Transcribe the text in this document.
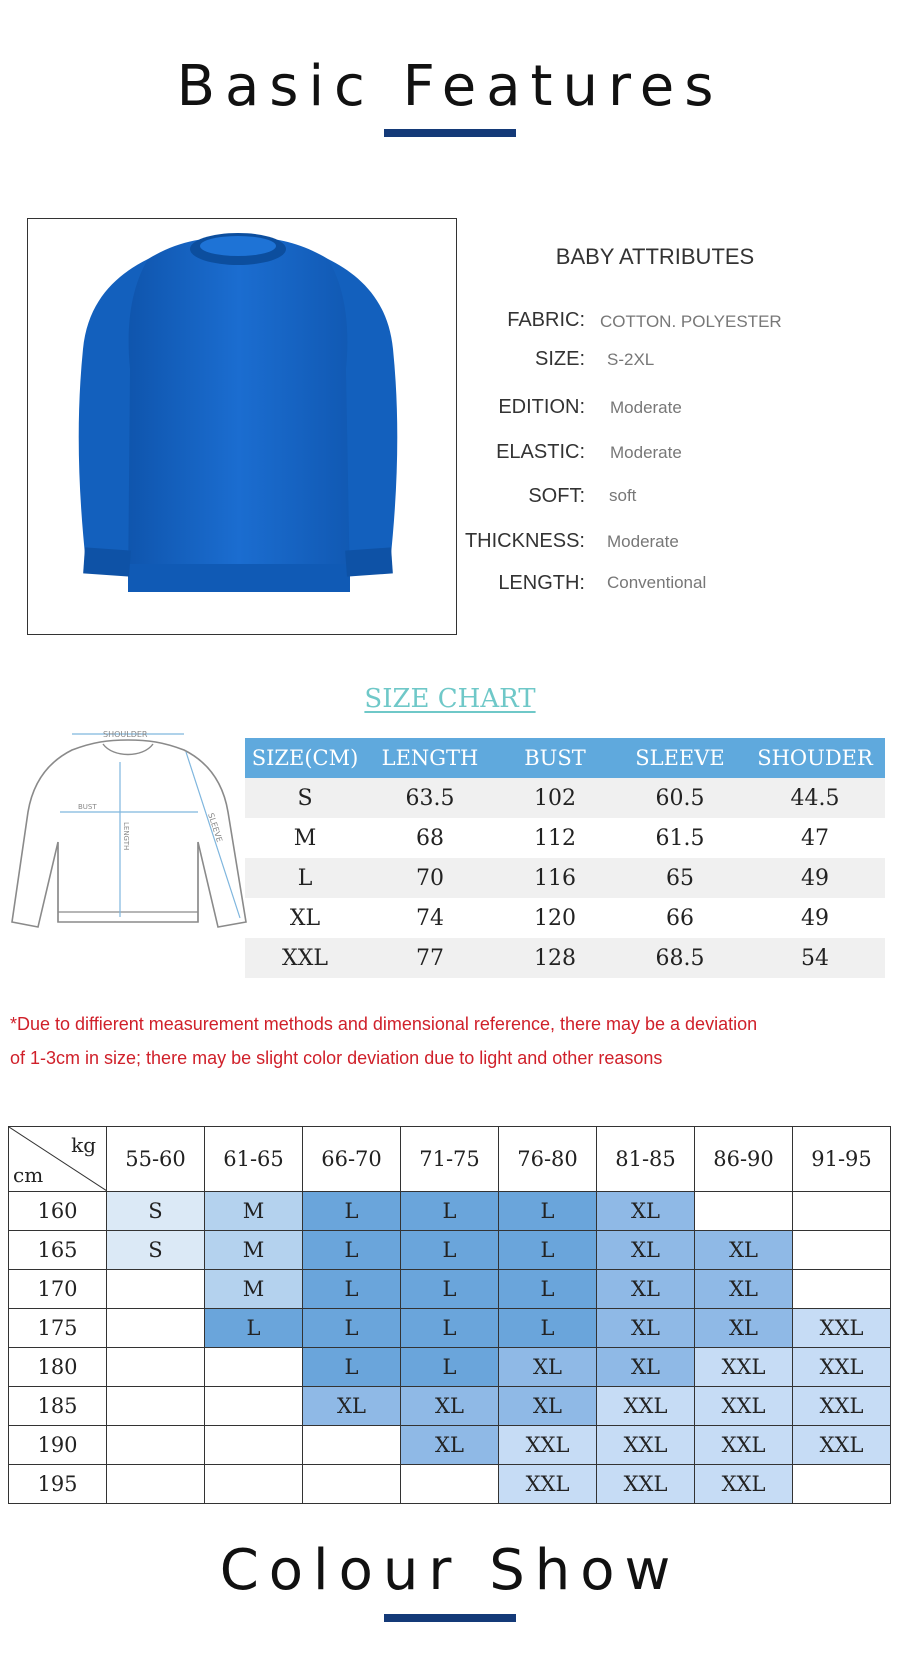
Basic Features
BABY ATTRIBUTES
FABRIC: COTTON. POLYESTER
SIZE: S-2XL
EDITION: Moderate
ELASTIC: Moderate
SOFT: soft
THICKNESS: Moderate
LENGTH: Conventional
SIZE CHART
SHOULDER
BUST
LENGTH	SLEEVE
SIZE(CM)	LENGTH	BUST	SLEEVE	SHOUDER
S	63.5	102	60.5	44.5
M	68	112	61.5	47
L	70	116	65	49
XL	74	120	66	49
XXL	77	128	68.5	54
*Due to diffierent measurement methods and dimensional reference, there may be a deviation
of 1-3cm in size; there may be slight color deviation due to light and other reasons
kg
cm	55-60	61-65	66-70	71-75	76-80	81-85	86-90	91-95
160	S	M	L	L	L	XL		
165	S	M	L	L	L	XL	XL	
170		M	L	L	L	XL	XL	
175		L	L	L	L	XL	XL	XXL
180			L	L	XL	XL	XXL	XXL
185			XL	XL	XL	XXL	XXL	XXL
190				XL	XXL	XXL	XXL	XXL
195					XXL	XXL	XXL	
Colour Show
